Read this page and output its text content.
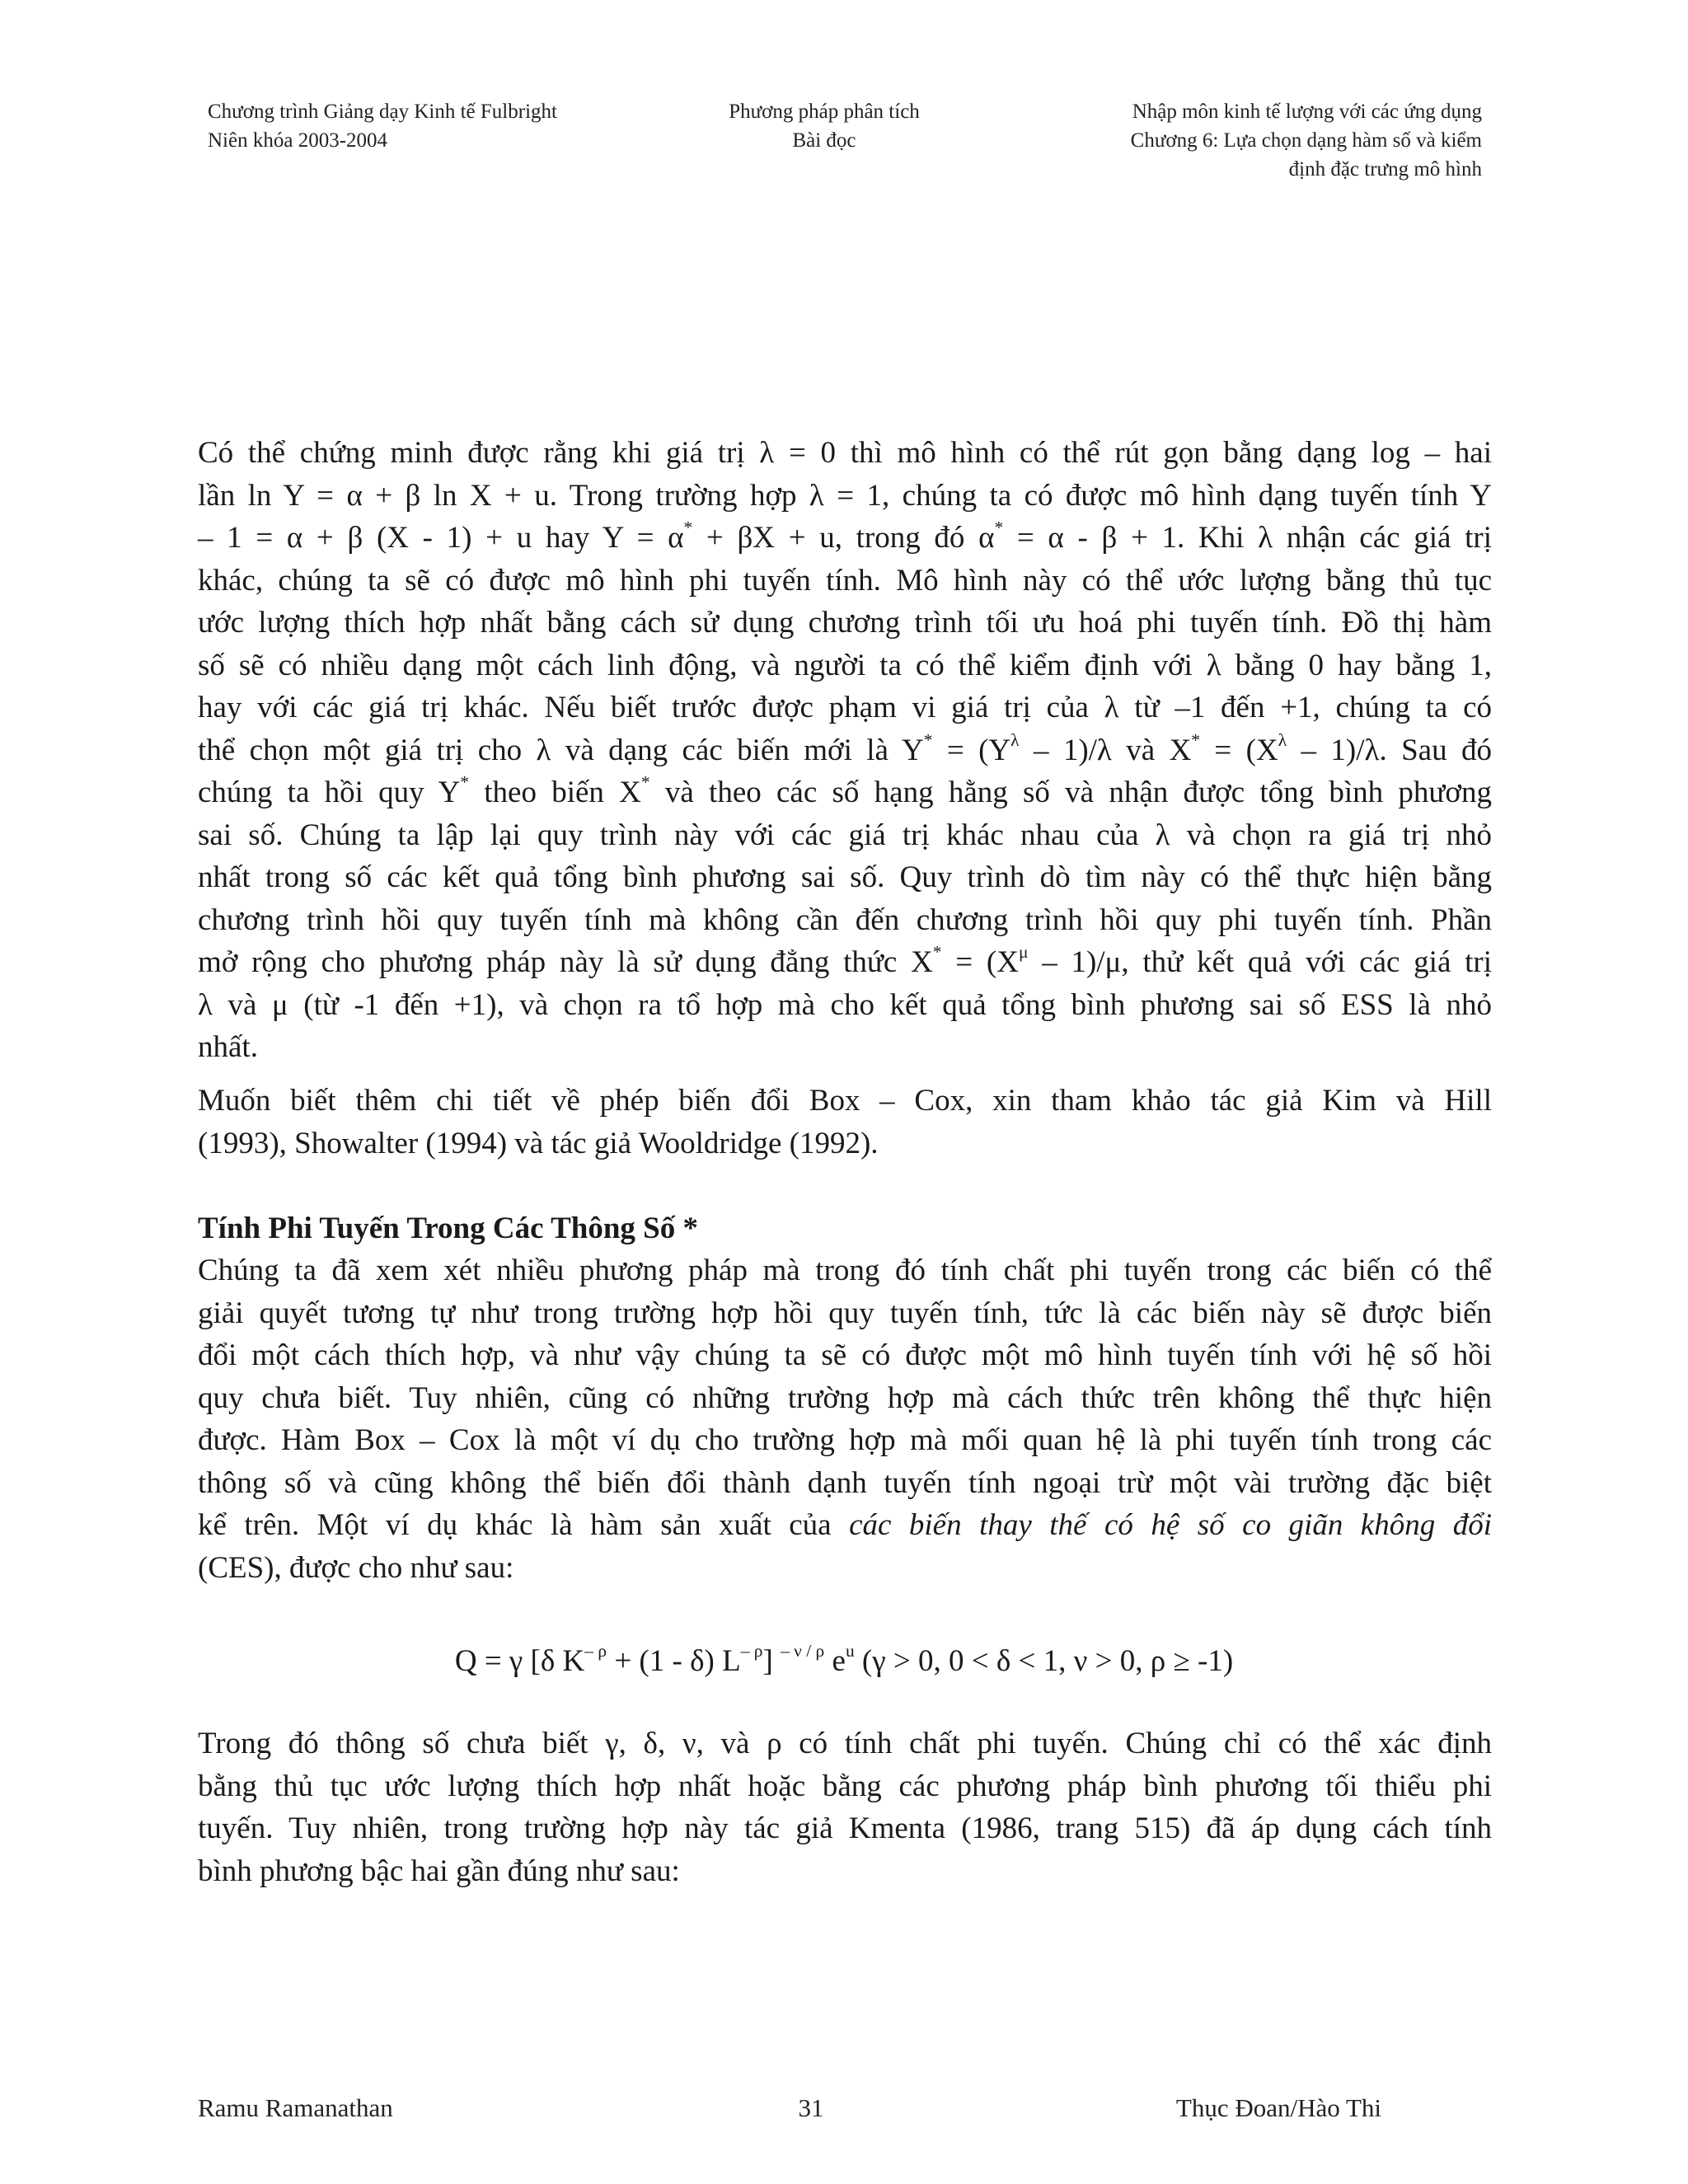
Chương trình Giảng dạy Kinh tế Fulbright
Niên khóa 2003-2004
Phương pháp phân tích
Bài đọc
Nhập môn kinh tế lượng với các ứng dụng
Chương 6: Lựa chọn dạng hàm số và kiểm
định đặc trưng mô hình
Có thể chứng minh được rằng khi giá trị λ = 0 thì mô hình có thể rút gọn bằng dạng log – hai
lần ln Y = α + β ln X + u. Trong trường hợp λ = 1, chúng ta có được mô hình dạng tuyến tính Y
– 1 = α + β (X - 1) + u hay Y = α* + βX + u, trong đó α* = α - β + 1. Khi λ nhận các giá trị
khác, chúng ta sẽ có được mô hình phi tuyến tính. Mô hình này có thể ước lượng bằng thủ tục
ước lượng thích hợp nhất bằng cách sử dụng chương trình tối ưu hoá phi tuyến tính. Đồ thị hàm
số sẽ có nhiều dạng một cách linh động, và người ta có thể kiểm định với λ bằng 0 hay bằng 1,
hay với các giá trị khác. Nếu biết trước được phạm vi giá trị của λ từ –1 đến +1, chúng ta có
thể chọn một giá trị cho λ và dạng các biến mới là $Y^* = (Y^\lambda - 1)/\lambda$ và $X^* = (X^\lambda - 1)/\lambda$. Sau đó
chúng ta hồi quy Y* theo biến X* và theo các số hạng hằng số và nhận được tổng bình phương
sai số. Chúng ta lập lại quy trình này với các giá trị khác nhau của λ và chọn ra giá trị nhỏ
nhất trong số các kết quả tổng bình phương sai số. Quy trình dò tìm này có thể thực hiện bằng
chương trình hồi quy tuyến tính mà không cần đến chương trình hồi quy phi tuyến tính. Phần
mở rộng cho phương pháp này là sử dụng đẳng thức $X^* = (X^\mu - 1)/\mu$, thử kết quả với các giá trị
λ và μ (từ -1 đến +1), và chọn ra tổ hợp mà cho kết quả tổng bình phương sai số ESS là nhỏ
nhất.
Muốn biết thêm chi tiết về phép biến đổi Box – Cox, xin tham khảo tác giả Kim và Hill
(1993), Showalter (1994) và tác giả Wooldridge (1992).
Tính Phi Tuyến Trong Các Thông Số *
Chúng ta đã xem xét nhiều phương pháp mà trong đó tính chất phi tuyến trong các biến có thể
giải quyết tương tự như trong trường hợp hồi quy tuyến tính, tức là các biến này sẽ được biến
đổi một cách thích hợp, và như vậy chúng ta sẽ có được một mô hình tuyến tính với hệ số hồi
quy chưa biết. Tuy nhiên, cũng có những trường hợp mà cách thức trên không thể thực hiện
được. Hàm Box – Cox là một ví dụ cho trường hợp mà mối quan hệ là phi tuyến tính trong các
thông số và cũng không thể biến đổi thành dạnh tuyến tính ngoại trừ một vài trường đặc biệt
kể trên. Một ví dụ khác là hàm sản xuất của các biến thay thế có hệ số co giãn không đổi
(CES), được cho như sau:
Q = γ [δ $K^{- \rho} + (1 - \delta)$ $L^{- \rho}$] $^{- \nu / \rho}$ $e^u$ (γ > 0, 0 < δ < 1, ν > 0, ρ ≥ -1)
Trong đó thông số chưa biết γ, δ, ν, và ρ có tính chất phi tuyến. Chúng chỉ có thể xác định
bằng thủ tục ước lượng thích hợp nhất hoặc bằng các phương pháp bình phương tối thiểu phi
tuyến. Tuy nhiên, trong trường hợp này tác giả Kmenta (1986, trang 515) đã áp dụng cách tính
bình phương bậc hai gần đúng như sau:
Ramu Ramanathan	31	Thục Đoan/Hào Thi
